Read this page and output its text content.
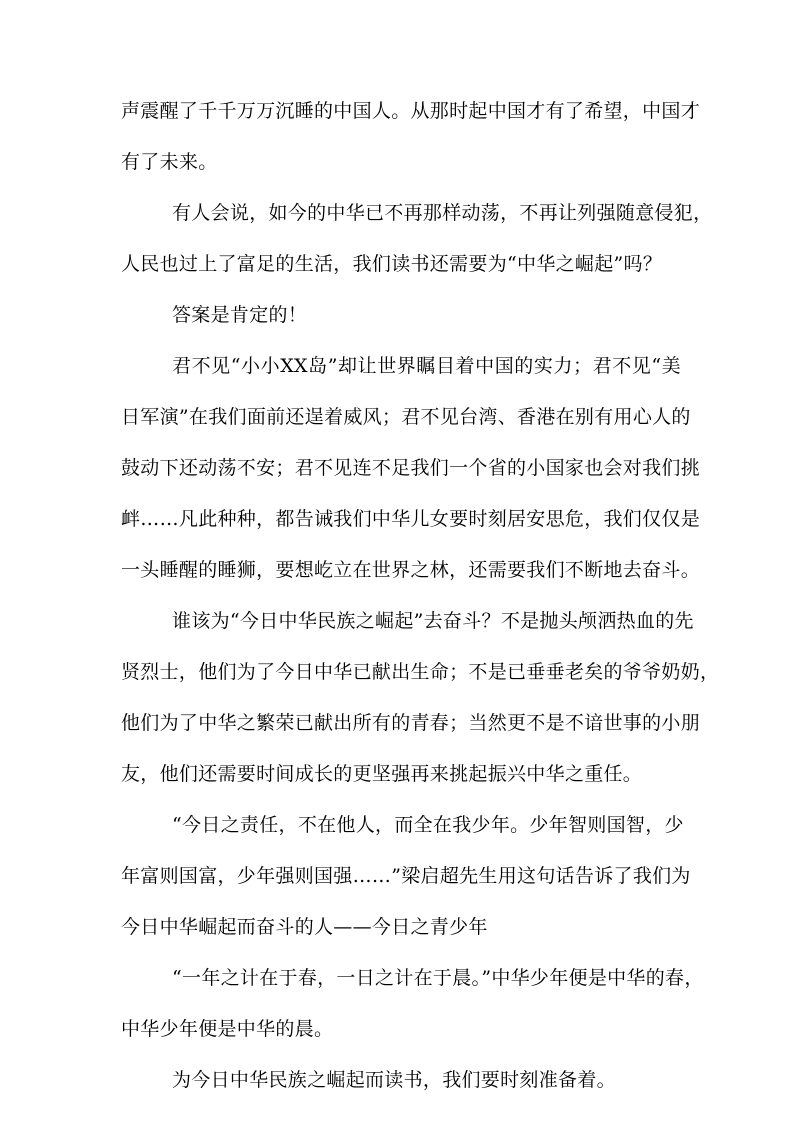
声震醒了千千万万沉睡的中国人。从那时起中国才有了希望，中国才
有了未来。
有人会说，如今的中华已不再那样动荡，不再让列强随意侵犯，
人民也过上了富足的生活，我们读书还需要为“中华之崛起”吗？
答案是肯定的！
君不见“小小XX岛”却让世界瞩目着中国的实力；君不见“美
日军演”在我们面前还逞着威风；君不见台湾、香港在别有用心人的
鼓动下还动荡不安；君不见连不足我们一个省的小国家也会对我们挑
衅……凡此种种，都告诫我们中华儿女要时刻居安思危，我们仅仅是
一头睡醒的睡狮，要想屹立在世界之林，还需要我们不断地去奋斗。
谁该为“今日中华民族之崛起”去奋斗？不是抛头颅洒热血的先
贤烈士，他们为了今日中华已献出生命；不是已垂垂老矣的爷爷奶奶，
他们为了中华之繁荣已献出所有的青春；当然更不是不谙世事的小朋
友，他们还需要时间成长的更坚强再来挑起振兴中华之重任。
“今日之责任，不在他人，而全在我少年。少年智则国智，少
年富则国富，少年强则国强……”梁启超先生用这句话告诉了我们为
今日中华崛起而奋斗的人——今日之青少年
“一年之计在于春，一日之计在于晨。”中华少年便是中华的春，
中华少年便是中华的晨。
为今日中华民族之崛起而读书，我们要时刻准备着。
